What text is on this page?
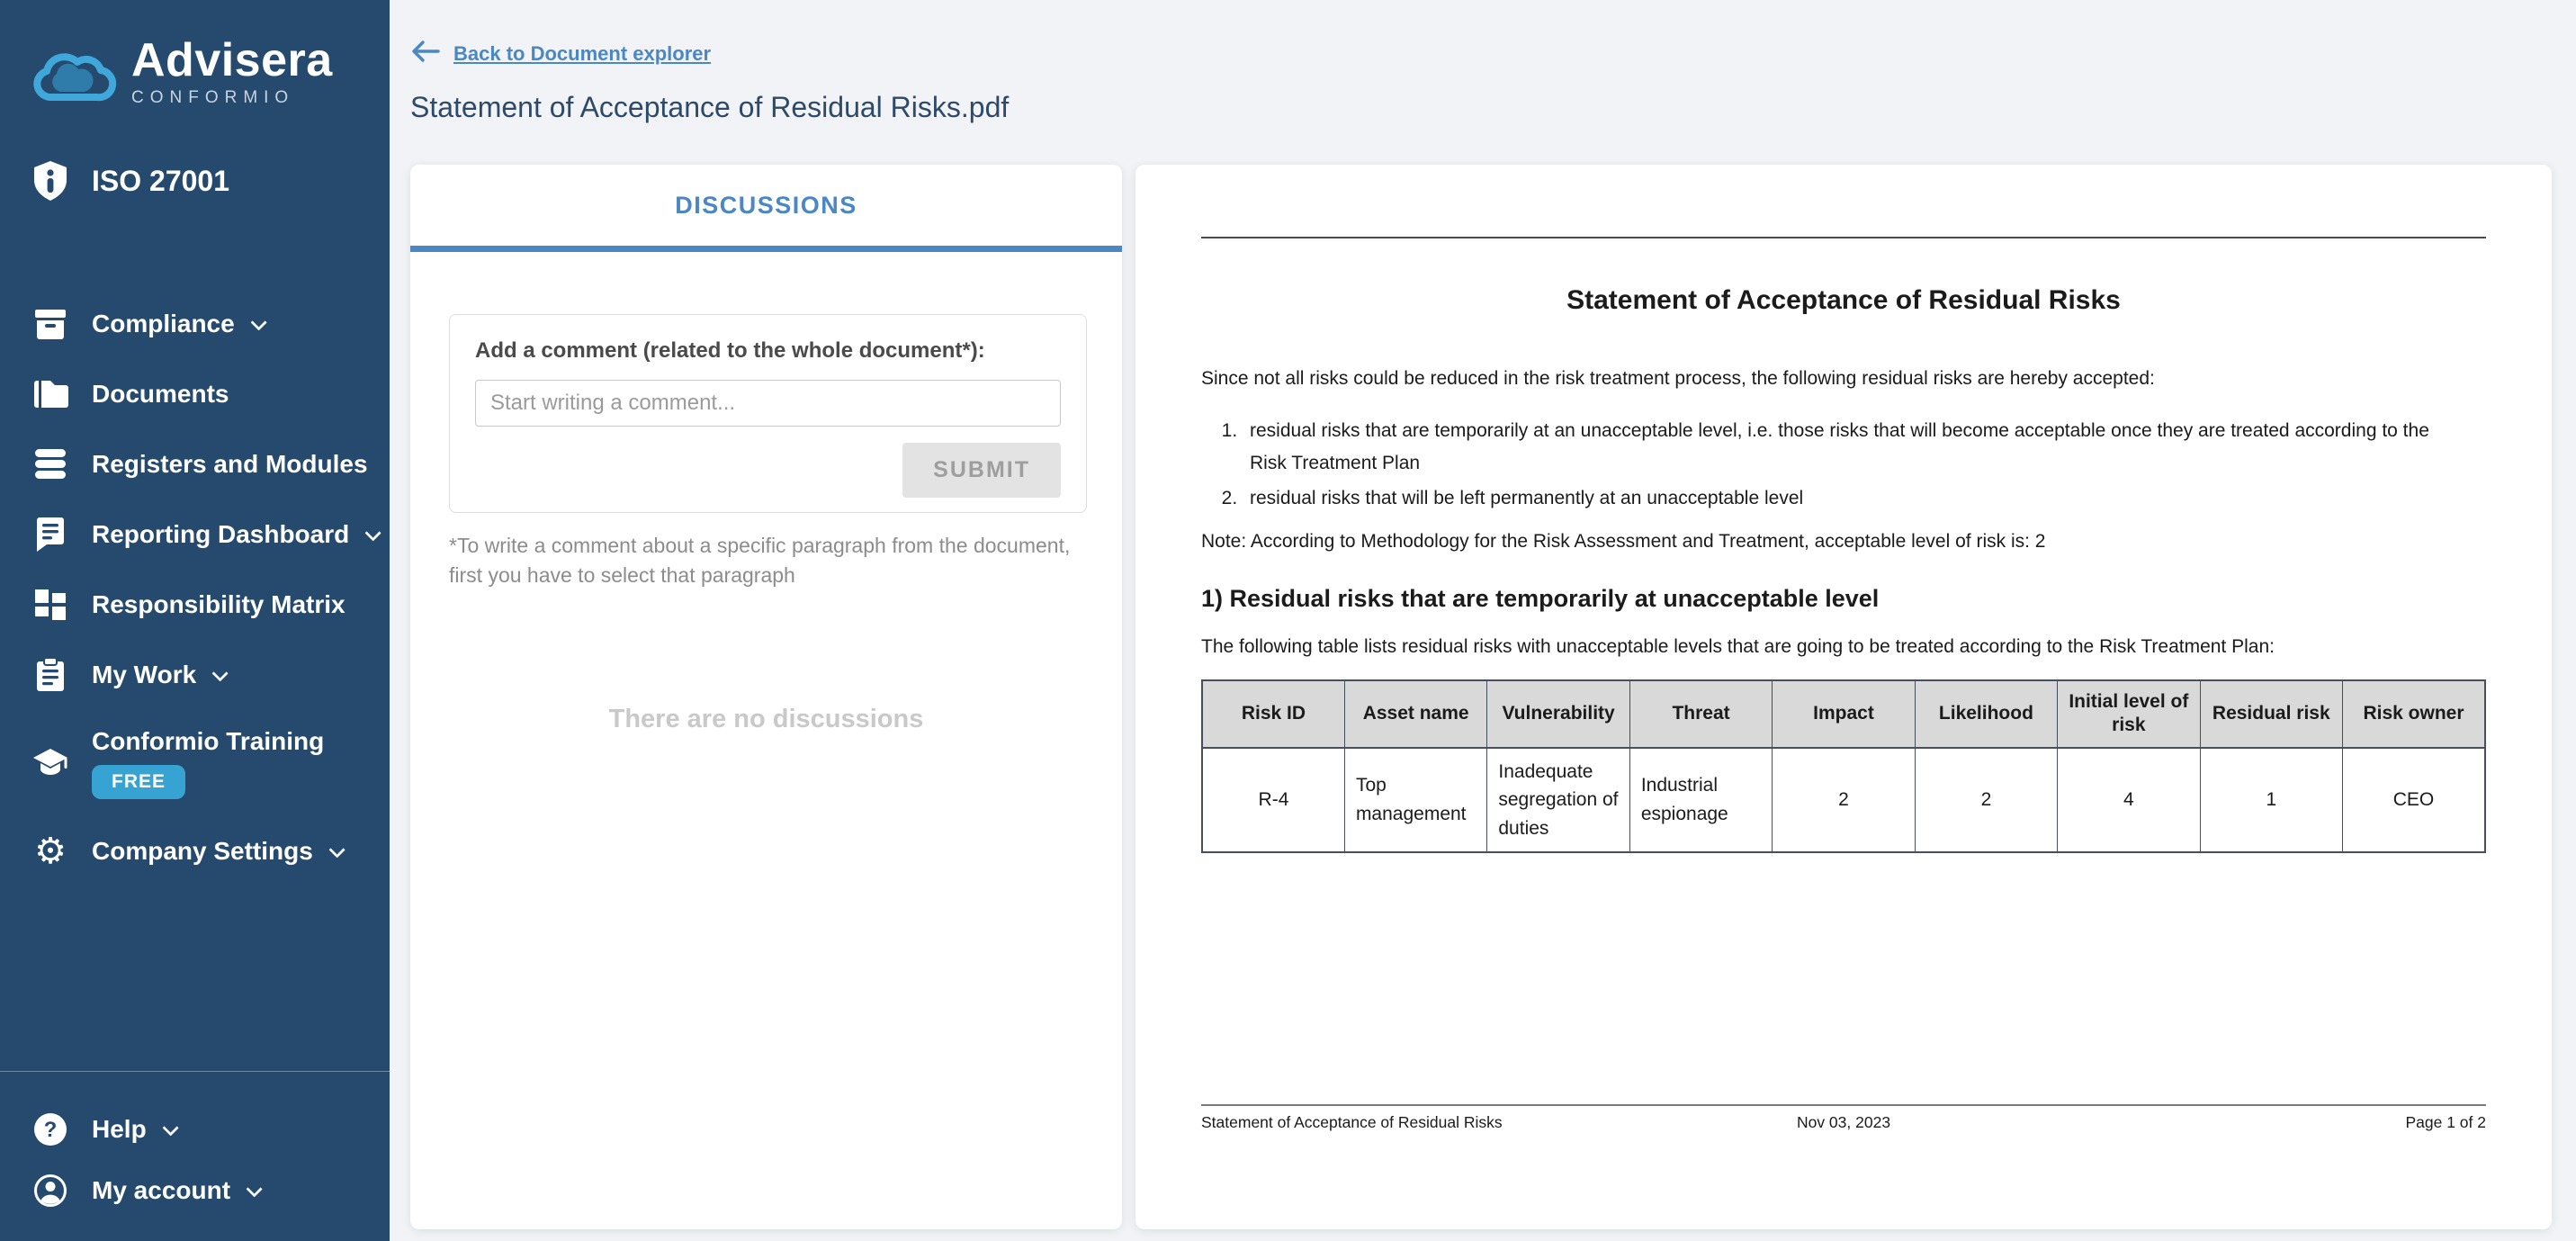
Advisera
CONFORMIO
ISO 27001
Compliance
Documents
Registers and Modules
Reporting Dashboard
Responsibility Matrix
My Work
Conformio Training
FREE
⚙ Company Settings
? Help
My account
Back to Document explorer
Statement of Acceptance of Residual Risks.pdf
DISCUSSIONS
Add a comment (related to the whole document*):
Start writing a comment...
SUBMIT
*To write a comment about a specific paragraph from the document, first you have to select that paragraph
There are no discussions
Statement of Acceptance of Residual Risks
Since not all risks could be reduced in the risk treatment process, the following residual risks are hereby accepted:
1. residual risks that are temporarily at an unacceptable level, i.e. those risks that will become acceptable once they are treated according to the Risk Treatment Plan
2. residual risks that will be left permanently at an unacceptable level
Note: According to Methodology for the Risk Assessment and Treatment, acceptable level of risk is: 2
1) Residual risks that are temporarily at unacceptable level
The following table lists residual risks with unacceptable levels that are going to be treated according to the Risk Treatment Plan:
Risk ID	Asset name	Vulnerability	Threat	Impact	Likelihood	Initial level of risk	Residual risk	Risk owner
R-4	Top management	Inadequate segregation of duties	Industrial espionage	2	2	4	1	CEO
Statement of Acceptance of Residual Risks	Nov 03, 2023	Page 1 of 2
